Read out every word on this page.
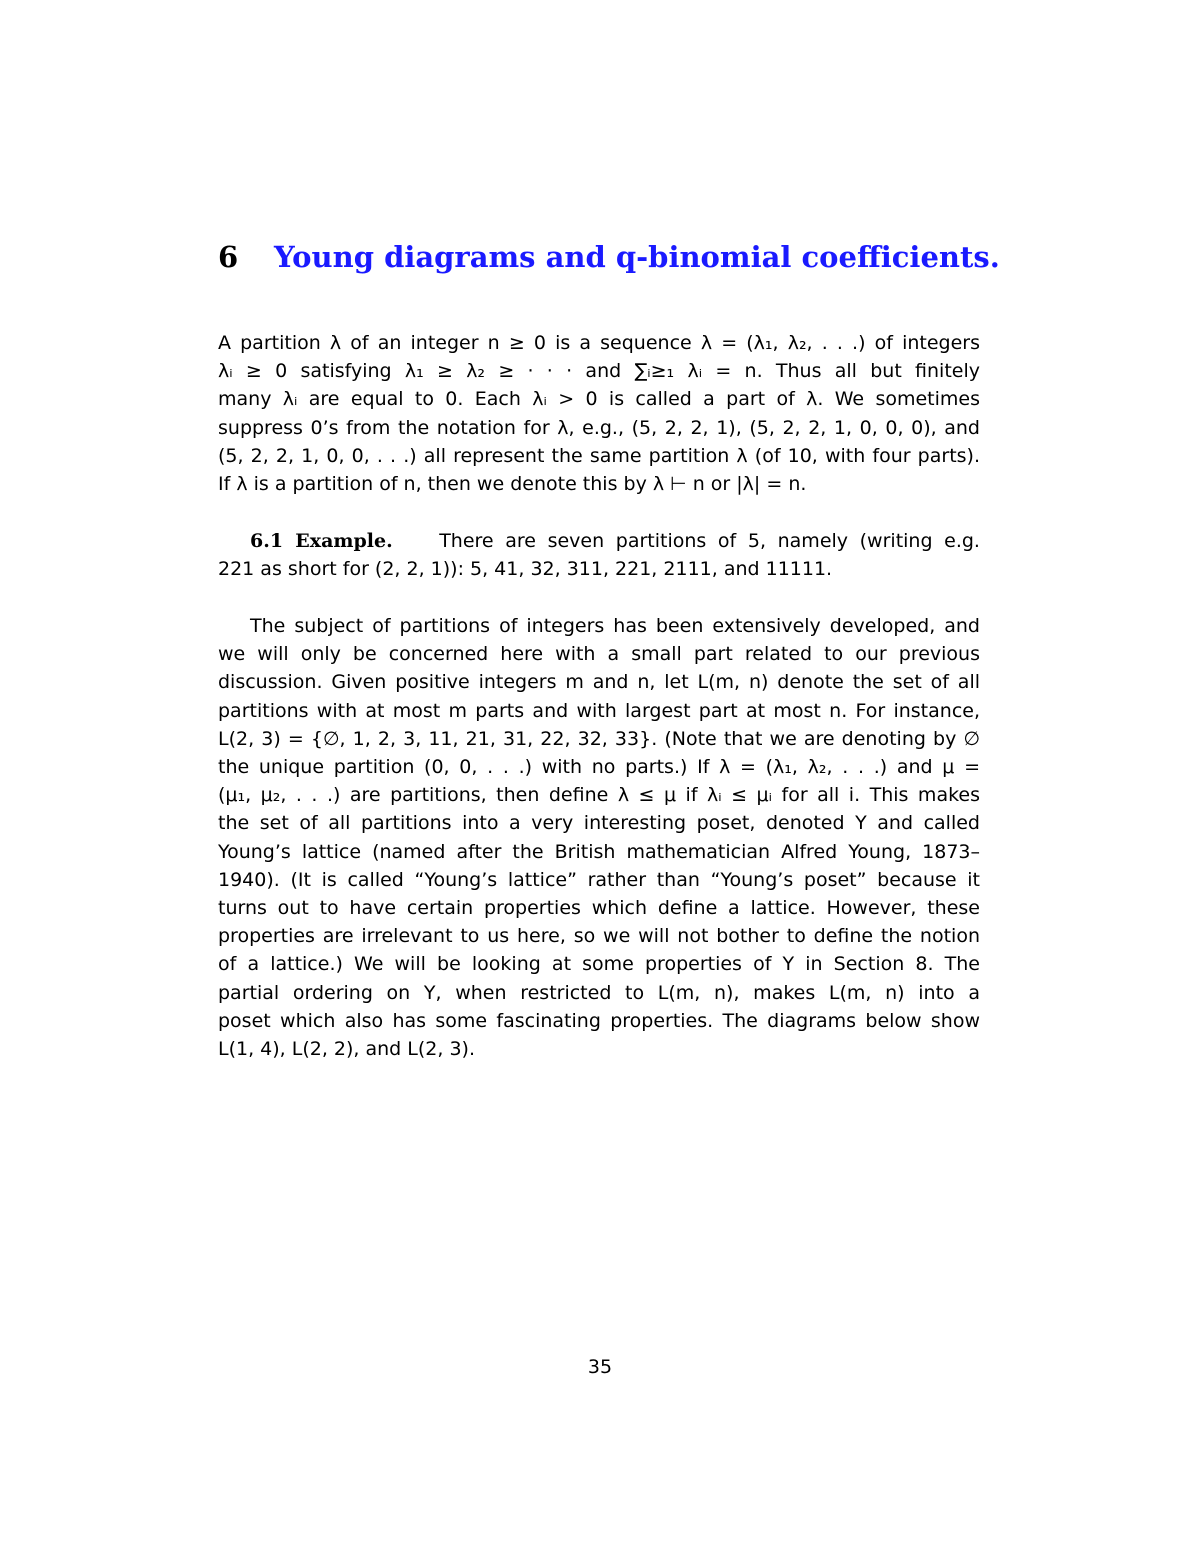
6 Young diagrams and q-binomial coefficients.
A partition λ of an integer n ≥ 0 is a sequence λ = (λ₁, λ₂, . . .) of integers
λᵢ ≥ 0 satisfying λ₁ ≥ λ₂ ≥ · · · and ∑ᵢ≥₁ λᵢ = n. Thus all but finitely
many λᵢ are equal to 0. Each λᵢ > 0 is called a part of λ. We sometimes
suppress 0’s from the notation for λ, e.g., (5, 2, 2, 1), (5, 2, 2, 1, 0, 0, 0), and
(5, 2, 2, 1, 0, 0, . . .) all represent the same partition λ (of 10, with four parts).
If λ is a partition of n, then we denote this by λ ⊢ n or |λ| = n.
6.1 Example. There are seven partitions of 5, namely (writing e.g.
221 as short for (2, 2, 1)): 5, 41, 32, 311, 221, 2111, and 11111.
The subject of partitions of integers has been extensively developed, and
we will only be concerned here with a small part related to our previous
discussion. Given positive integers m and n, let L(m, n) denote the set of all
partitions with at most m parts and with largest part at most n. For instance,
L(2, 3) = {∅, 1, 2, 3, 11, 21, 31, 22, 32, 33}. (Note that we are denoting by ∅
the unique partition (0, 0, . . .) with no parts.) If λ = (λ₁, λ₂, . . .) and μ =
(μ₁, μ₂, . . .) are partitions, then define λ ≤ μ if λᵢ ≤ μᵢ for all i. This makes
the set of all partitions into a very interesting poset, denoted Y and called
Young’s lattice (named after the British mathematician Alfred Young, 1873–
1940). (It is called “Young’s lattice” rather than “Young’s poset” because it
turns out to have certain properties which define a lattice. However, these
properties are irrelevant to us here, so we will not bother to define the notion
of a lattice.) We will be looking at some properties of Y in Section 8. The
partial ordering on Y, when restricted to L(m, n), makes L(m, n) into a
poset which also has some fascinating properties. The diagrams below show
L(1, 4), L(2, 2), and L(2, 3).
35
